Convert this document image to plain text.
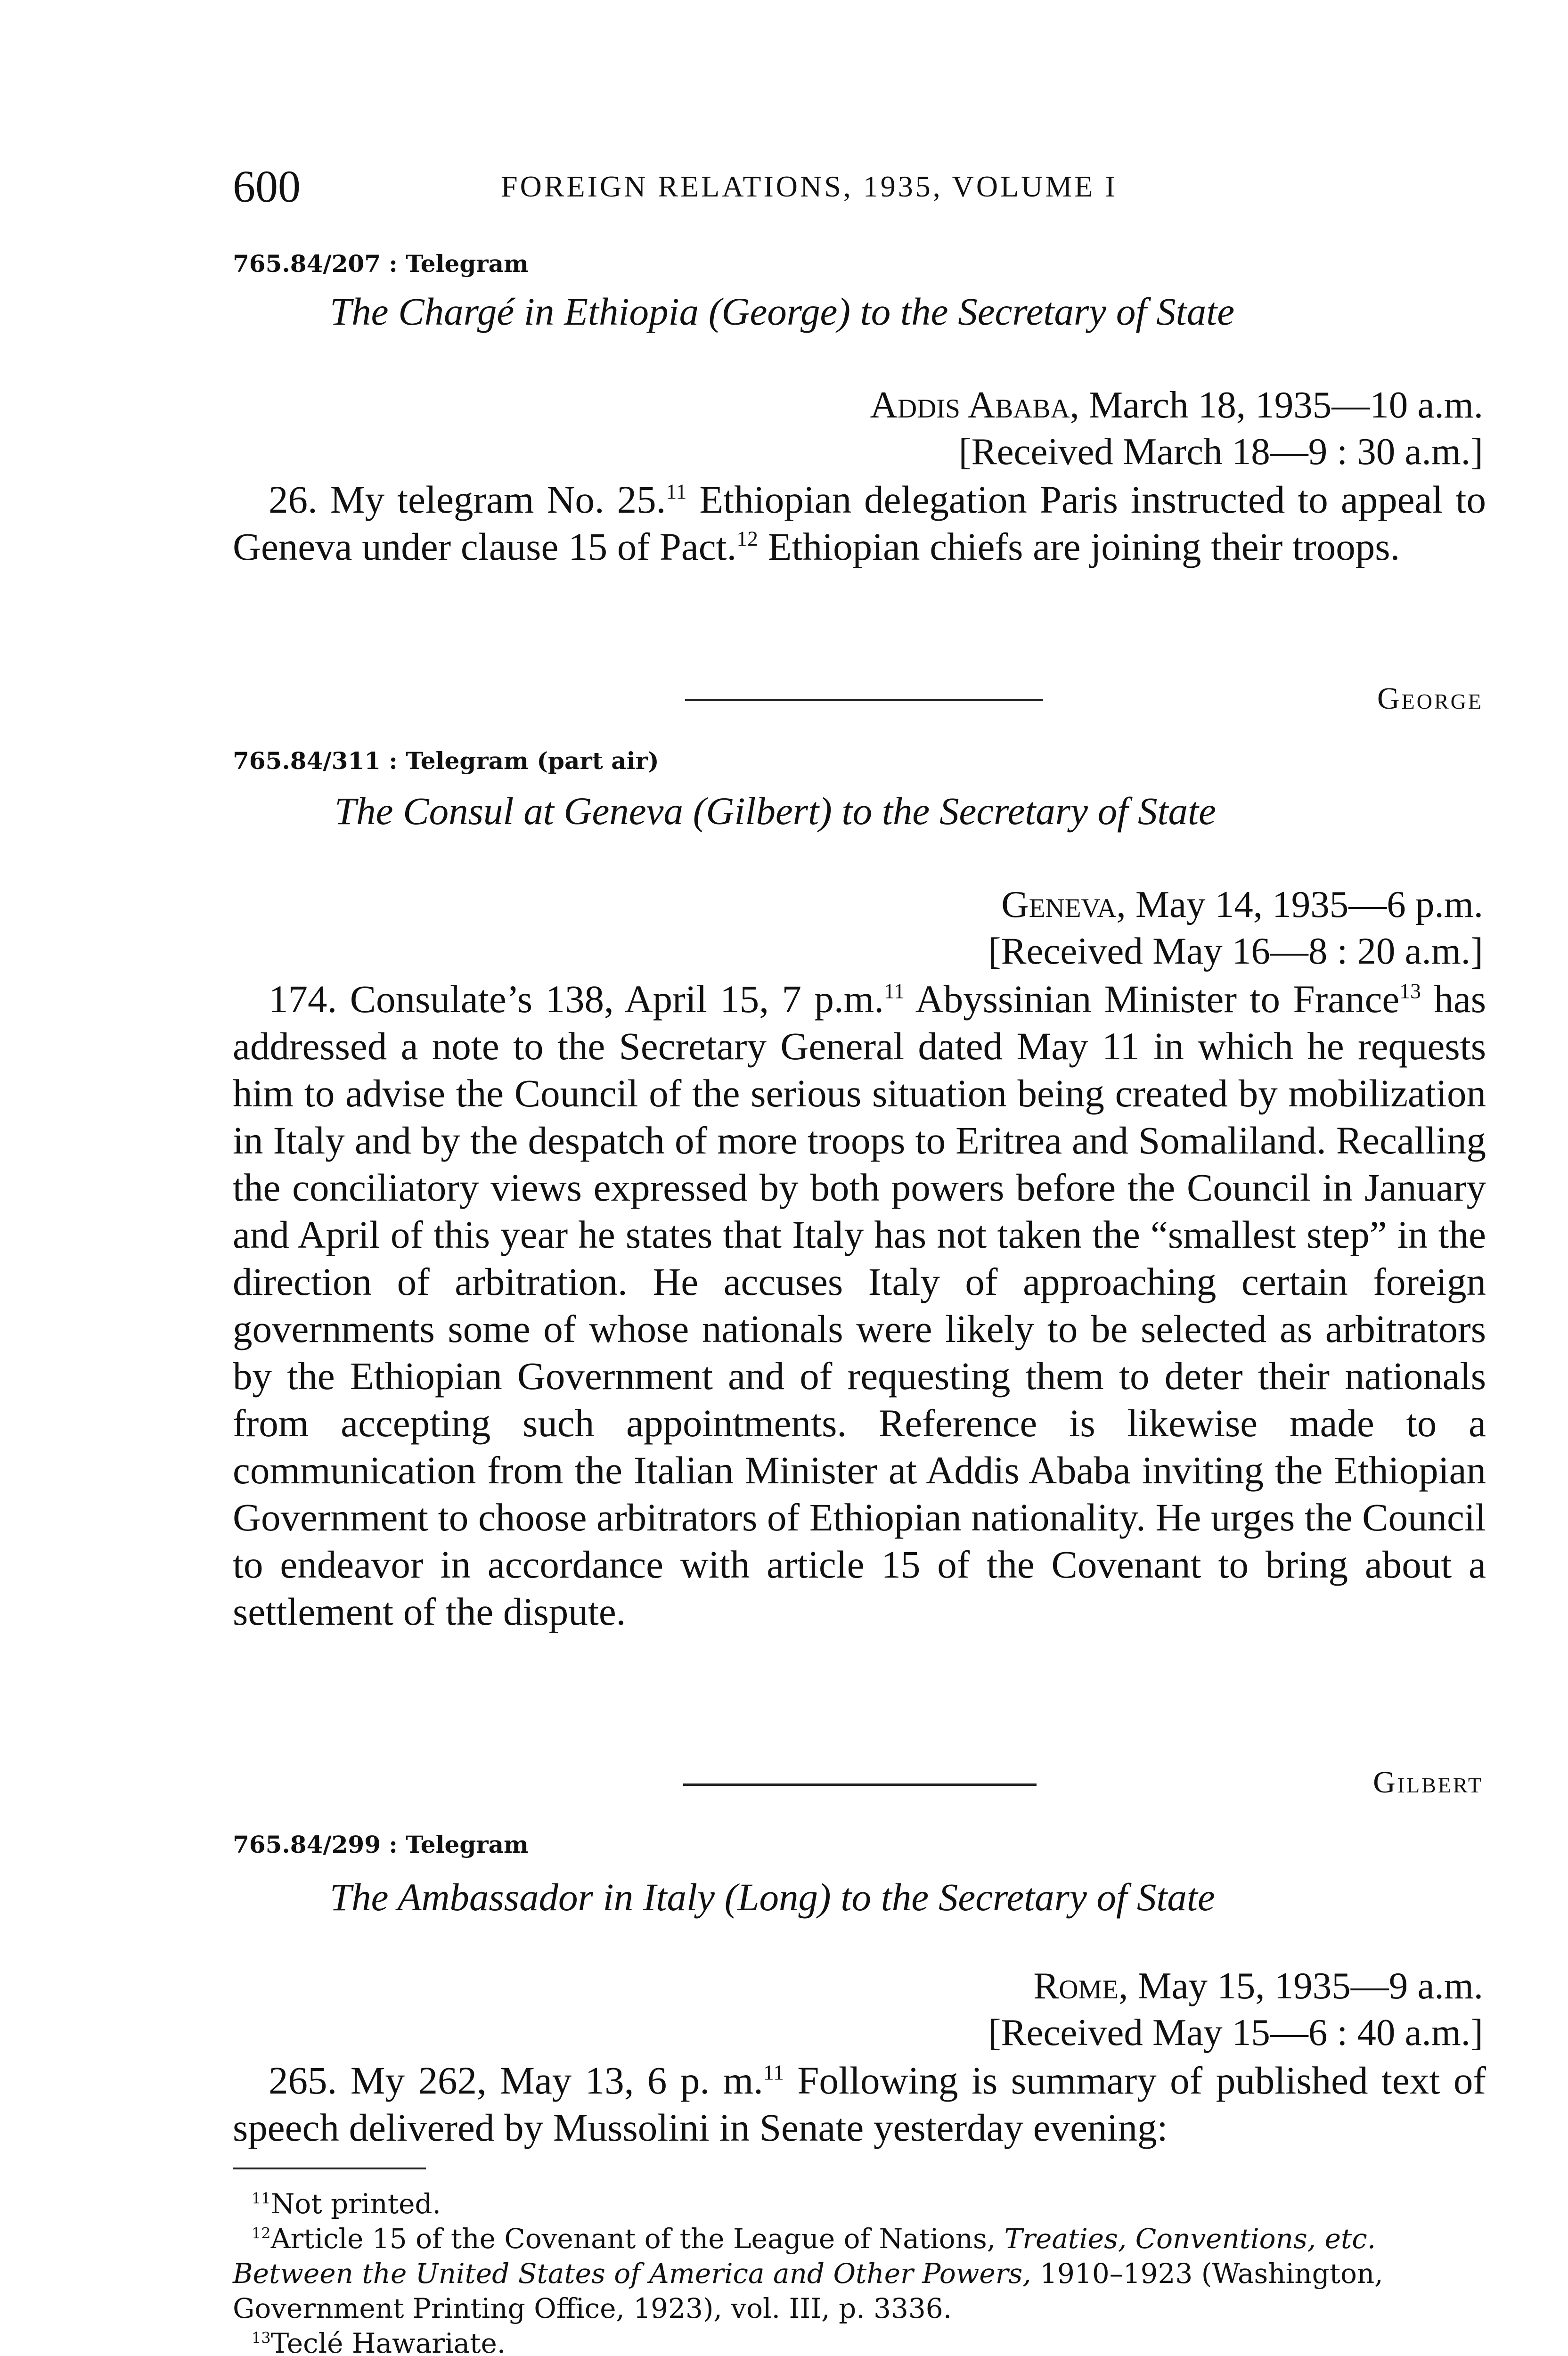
600	FOREIGN RELATIONS, 1935, VOLUME I
765.84/207 : Telegram
The Chargé in Ethiopia (George) to the Secretary of State
Addis Ababa, March 18, 1935—10 a.m.
[Received March 18—9 : 30 a.m.]
26. My telegram No. 25.11 Ethiopian delegation Paris instructed to appeal to Geneva under clause 15 of Pact.$^{12}$ Ethiopian chiefs are joining their troops.
George
765.84/311 : Telegram (part air)
The Consul at Geneva (Gilbert) to the Secretary of State
Geneva, May 14, 1935—6 p.m.
[Received May 16—8 : 20 a.m.]
174. Consulate’s 138, April 15, 7 p.m.$^{11}$ Abyssinian Minister to France$^{13}$ has addressed a note to the Secretary General dated May 11 in which he requests him to advise the Council of the serious situation being created by mobilization in Italy and by the despatch of more troops to Eritrea and Somaliland. Recalling the conciliatory views expressed by both powers before the Council in January and April of this year he states that Italy has not taken the “smallest step” in the direction of arbitration. He accuses Italy of approaching certain foreign governments some of whose nationals were likely to be selected as arbitrators by the Ethiopian Government and of requesting them to deter their nationals from accepting such appointments. Reference is likewise made to a communication from the Italian Minister at Addis Ababa inviting the Ethiopian Government to choose arbitrators of Ethiopian nationality. He urges the Council to endeavor in accordance with article 15 of the Covenant to bring about a settlement of the dispute.
Gilbert
765.84/299 : Telegram
The Ambassador in Italy (Long) to the Secretary of State
Rome, May 15, 1935—9 a.m.
[Received May 15—6 : 40 a.m.]
265. My 262, May 13, 6 p. m.$^{11}$ Following is summary of published text of speech delivered by Mussolini in Senate yesterday evening:
$^{11}$Not printed.
$^{12}$Article 15 of the Covenant of the League of Nations, Treaties, Conventions, etc. Between the United States of America and Other Powers, 1910–1923 (Washington, Government Printing Office, 1923), vol. III, p. 3336.
$^{13}$Teclé Hawariate.
